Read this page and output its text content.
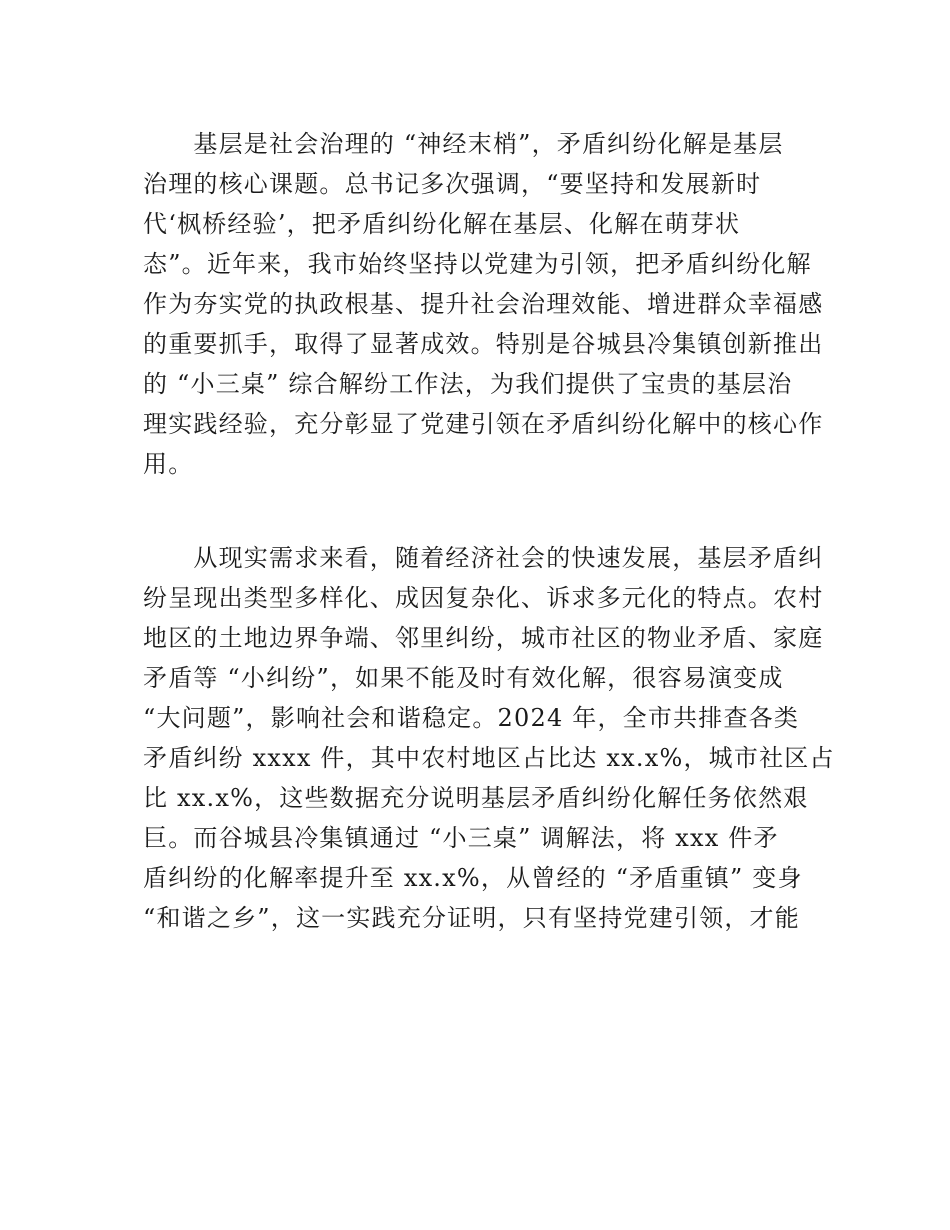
　　基层是社会治理的 “神经末梢”，矛盾纠纷化解是基层
治理的核心课题。总书记多次强调，“要坚持和发展新时
代‘枫桥经验’，把矛盾纠纷化解在基层、化解在萌芽状
态”。近年来，我市始终坚持以党建为引领，把矛盾纠纷化解
作为夯实党的执政根基、提升社会治理效能、增进群众幸福感
的重要抓手，取得了显著成效。特别是谷城县冷集镇创新推出
的 “小三桌” 综合解纷工作法，为我们提供了宝贵的基层治
理实践经验，充分彰显了党建引领在矛盾纠纷化解中的核心作
用。
　　从现实需求来看，随着经济社会的快速发展，基层矛盾纠
纷呈现出类型多样化、成因复杂化、诉求多元化的特点。农村
地区的土地边界争端、邻里纠纷，城市社区的物业矛盾、家庭
矛盾等 “小纠纷”，如果不能及时有效化解，很容易演变成
“大问题”，影响社会和谐稳定。2024 年，全市共排查各类
矛盾纠纷 xxxx 件，其中农村地区占比达 xx.x%，城市社区占
比 xx.x%，这些数据充分说明基层矛盾纠纷化解任务依然艰
巨。而谷城县冷集镇通过 “小三桌” 调解法，将 xxx 件矛
盾纠纷的化解率提升至 xx.x%，从曾经的 “矛盾重镇” 变身
“和谐之乡”，这一实践充分证明，只有坚持党建引领，才能
